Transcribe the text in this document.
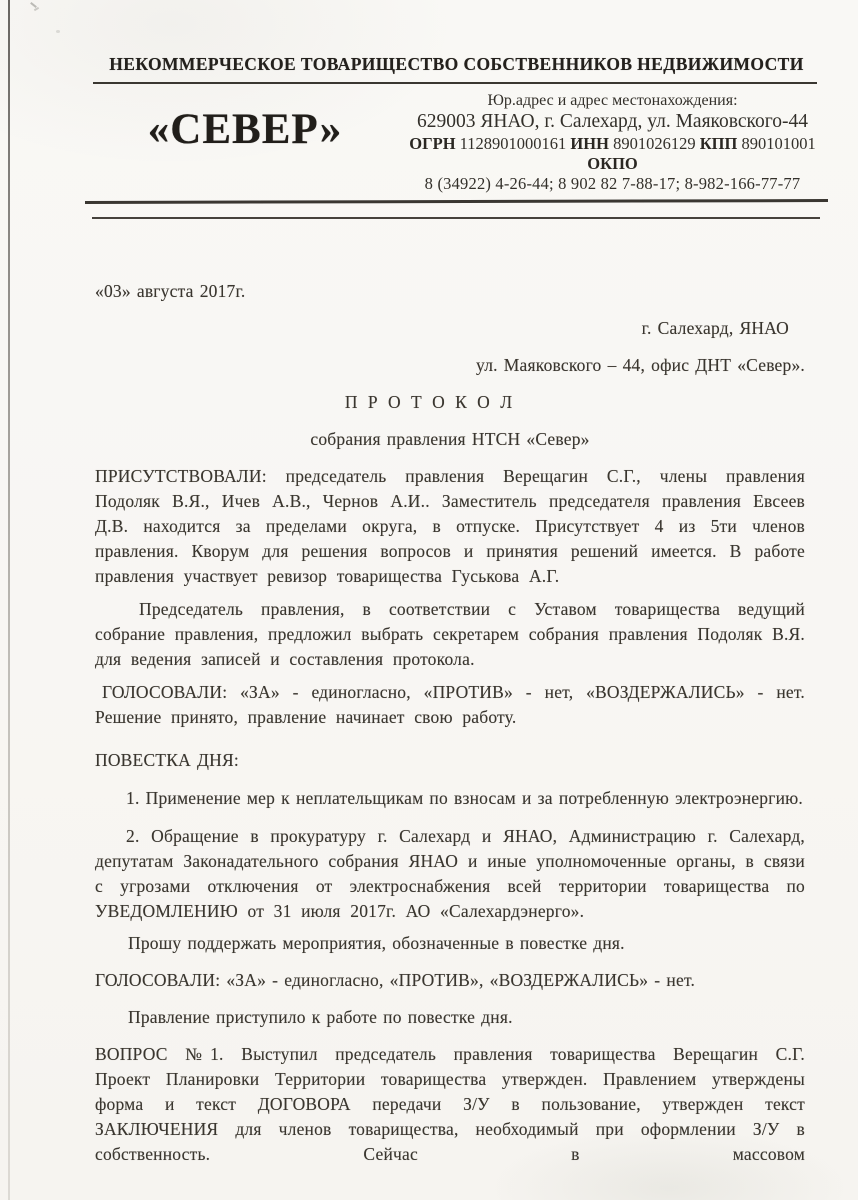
НЕКОММЕРЧЕСКОЕ ТОВАРИЩЕСТВО СОБСТВЕННИКОВ НЕДВИЖИМОСТИ
«СЕВЕР»
Юр.адрес и адрес местонахождения:
629003 ЯНАО, г. Салехард, ул. Маяковского-44
ОГРН 1128901000161 ИНН 8901026129 КПП 890101001 ОКПО
8 (34922) 4-26-44; 8 902 82 7-88-17; 8-982-166-77-77

«03» августа 2017г.

г. Салехард, ЯНАО

ул. Маяковского – 44, офис ДНТ «Север».

П Р О Т О К О Л

собрания правления НТСН «Север»

ПРИСУТСТВОВАЛИ: председатель правления Верещагин С.Г., члены правления Подоляк В.Я., Ичев А.В., Чернов А.И.. Заместитель председателя правления Евсеев Д.В. находится за пределами округа, в отпуске. Присутствует 4 из 5ти членов правления. Кворум для решения вопросов и принятия решений имеется. В работе правления участвует ревизор товарищества Гуськова А.Г.

Председатель правления, в соответствии с Уставом товарищества ведущий собрание правления, предложил выбрать секретарем собрания правления Подоляк В.Я. для ведения записей и составления протокола.

ГОЛОСОВАЛИ: «ЗА» - единогласно, «ПРОТИВ» - нет, «ВОЗДЕРЖАЛИСЬ» - нет. Решение принято, правление начинает свою работу.

ПОВЕСТКА ДНЯ:

1. Применение мер к неплательщикам по взносам и за потребленную электроэнергию.

2. Обращение в прокуратуру г. Салехард и ЯНАО, Администрацию г. Салехард, депутатам Законадательного собрания ЯНАО и иные уполномоченные органы, в связи с угрозами отключения от электроснабжения всей территории товарищества по УВЕДОМЛЕНИЮ от 31 июля 2017г. АО «Салехардэнерго».

Прошу поддержать мероприятия, обозначенные в повестке дня.

ГОЛОСОВАЛИ: «ЗА» - единогласно, «ПРОТИВ», «ВОЗДЕРЖАЛИСЬ» - нет.

Правление приступило к работе по повестке дня.

ВОПРОС №1. Выступил председатель правления товарищества Верещагин С.Г. Проект Планировки Территории товарищества утвержден. Правлением утверждены форма и текст ДОГОВОРА передачи З/У в пользование, утвержден текст ЗАКЛЮЧЕНИЯ для членов товарищества, необходимый при оформлении З/У в собственность. Сейчас в массовом
